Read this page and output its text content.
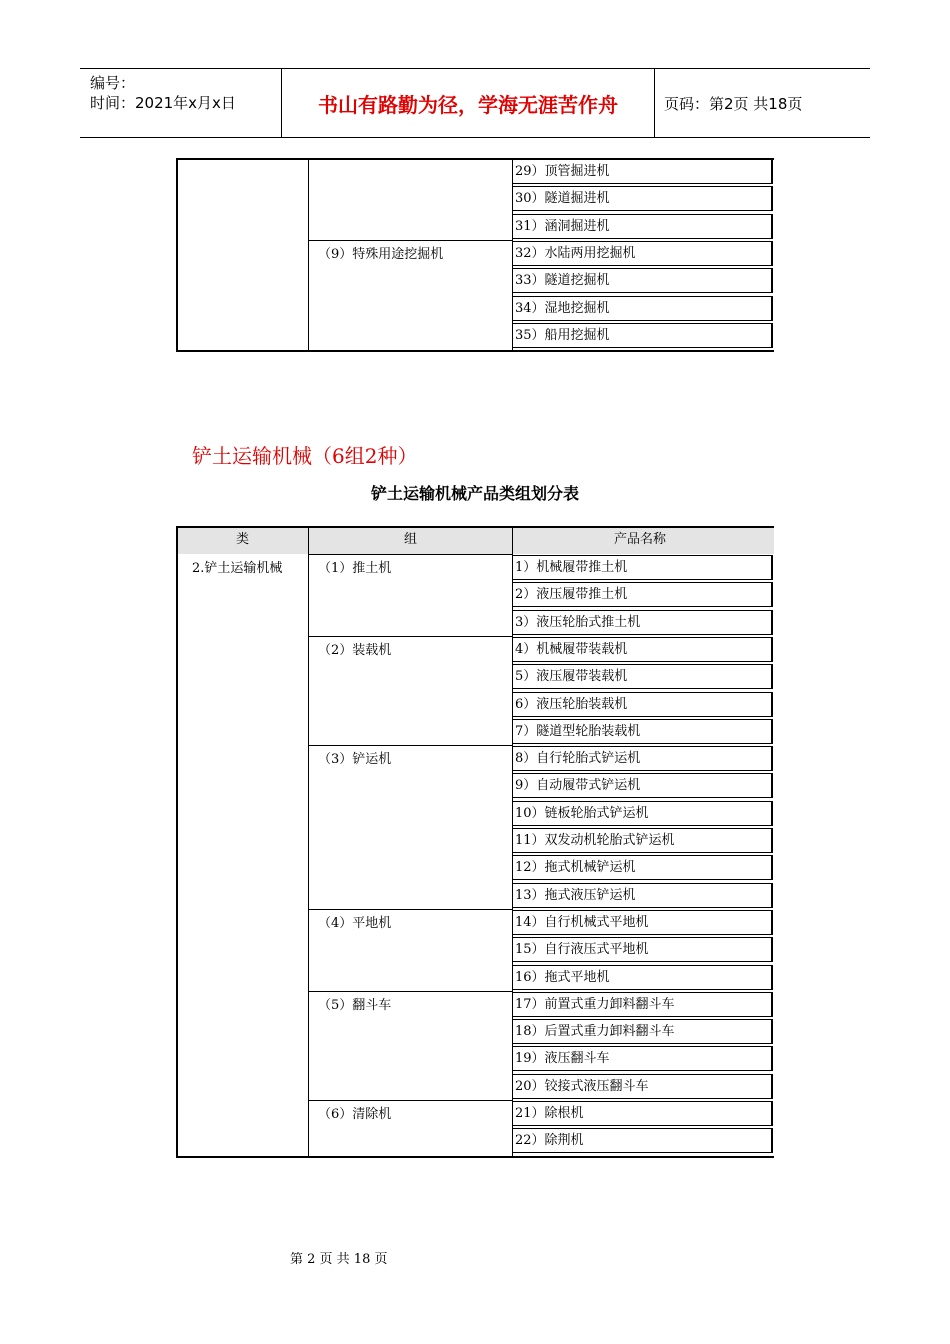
编号：
时间：2021年x月x日	书山有路勤为径，学海无涯苦作舟	页码：第2页 共18页
29）顶管掘进机
30）隧道掘进机
31）涵洞掘进机
（9）特殊用途挖掘机	32）水陆两用挖掘机
33）隧道挖掘机
34）湿地挖掘机
35）船用挖掘机
铲土运输机械（6组2种）
铲土运输机械产品类组划分表
类	组	产品名称
2.铲土运输机械	（1）推土机	1）机械履带推土机
2）液压履带推土机
3）液压轮胎式推土机
（2）装载机	4）机械履带装载机
5）液压履带装载机
6）液压轮胎装载机
7）隧道型轮胎装载机
（3）铲运机	8）自行轮胎式铲运机
9）自动履带式铲运机
10）链板轮胎式铲运机
11）双发动机轮胎式铲运机
12）拖式机械铲运机
13）拖式液压铲运机
（4）平地机	14）自行机械式平地机
15）自行液压式平地机
16）拖式平地机
（5）翻斗车	17）前置式重力卸料翻斗车
18）后置式重力卸料翻斗车
19）液压翻斗车
20）铰接式液压翻斗车
（6）清除机	21）除根机
22）除荆机
第 2 页 共 18 页
